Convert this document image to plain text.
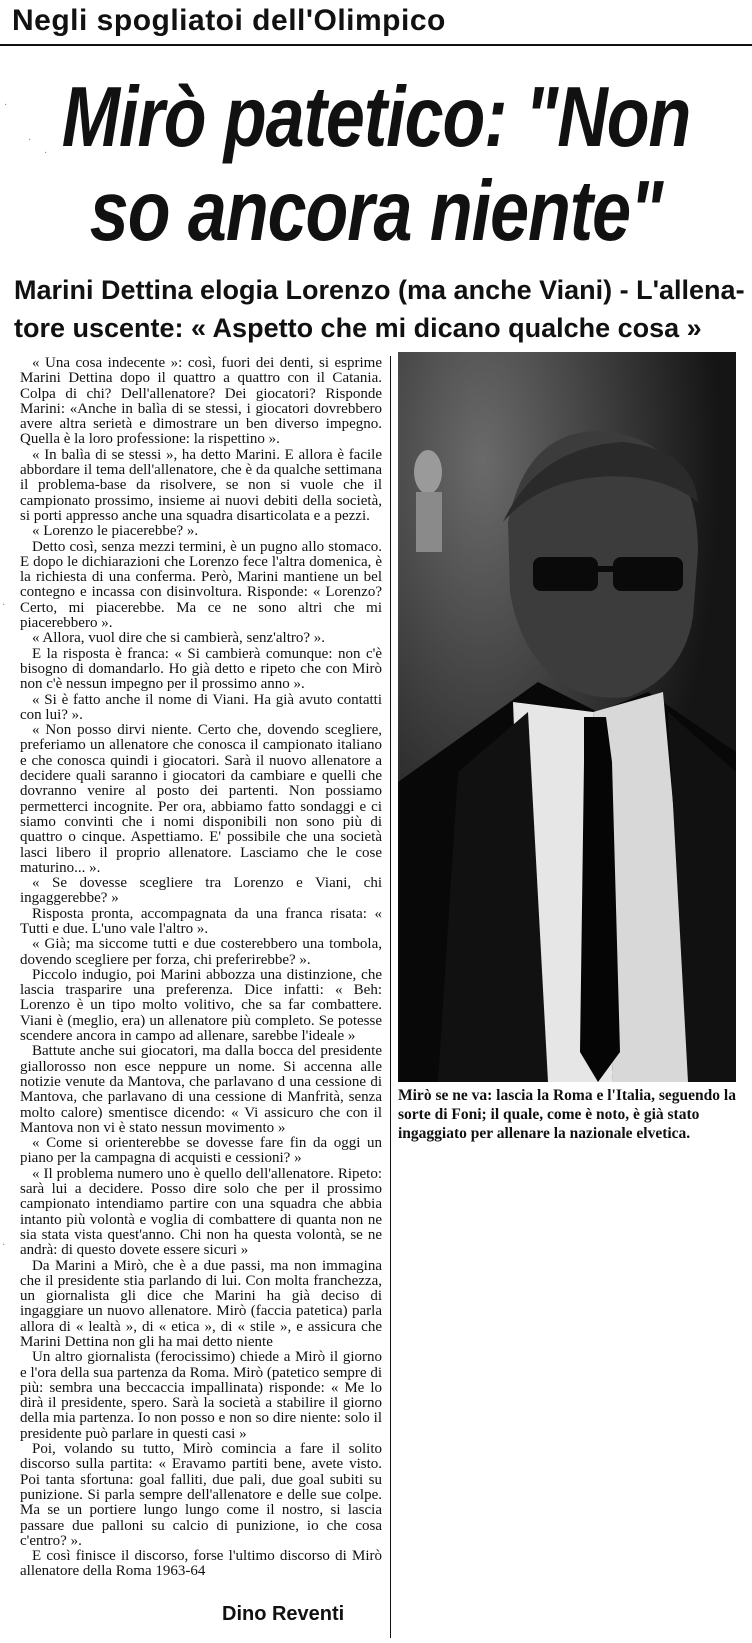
Negli spogliatoi dell'Olimpico
Mirò patetico: "Non
so ancora niente"
Marini Dettina elogia Lorenzo (ma anche Viani) - L'allena-
tore uscente: « Aspetto che mi dicano qualche cosa »

« Una cosa indecente »: così, fuori dei denti, si esprime Marini Dettina dopo il quattro a quattro con il Catania. Colpa di chi? Dell'allenatore? Dei giocatori? Risponde Marini: «Anche in balìa di se stessi, i giocatori dovrebbero avere altra serietà e dimostrare un ben diverso impegno. Quella è la loro professione: la rispettino ».

« In balìa di se stessi », ha detto Marini. E allora è facile abbordare il tema dell'allenatore, che è da qualche settimana il problema-base da risolvere, se non si vuole che il campionato prossimo, insieme ai nuovi debiti della società, si porti appresso anche una squadra disarticolata e a pezzi.

« Lorenzo le piacerebbe? ».

Detto così, senza mezzi termini, è un pugno allo stomaco. E dopo le dichiarazioni che Lorenzo fece l'altra domenica, è la richiesta di una conferma. Però, Marini mantiene un bel contegno e incassa con disinvoltura. Risponde: « Lorenzo? Certo, mi piacerebbe. Ma ce ne sono altri che mi piacerebbero ».

« Allora, vuol dire che si cambierà, senz'altro? ».

E la risposta è franca: « Si cambierà comunque: non c'è bisogno di domandarlo. Ho già detto e ripeto che con Mirò non c'è nessun impegno per il prossimo anno ».

« Si è fatto anche il nome di Viani. Ha già avuto contatti con lui? ».

« Non posso dirvi niente. Certo che, dovendo scegliere, preferiamo un allenatore che conosca il campionato italiano e che conosca quindi i giocatori. Sarà il nuovo allenatore a decidere quali saranno i giocatori da cambiare e quelli che dovranno venire al posto dei partenti. Non possiamo permetterci incognite. Per ora, abbiamo fatto sondaggi e ci siamo convinti che i nomi disponibili non sono più di quattro o cinque. Aspettiamo. E' possibile che una società lasci libero il proprio allenatore. Lasciamo che le cose maturino... ».

« Se dovesse scegliere tra Lorenzo e Viani, chi ingaggerebbe? »

Risposta pronta, accompagnata da una franca risata: « Tutti e due. L'uno vale l'altro ».

« Già; ma siccome tutti e due costerebbero una tombola, dovendo scegliere per forza, chi preferirebbe? ».

Piccolo indugio, poi Marini abbozza una distinzione, che lascia trasparire una preferenza. Dice infatti: « Beh: Lorenzo è un tipo molto volitivo, che sa far combattere. Viani è (meglio, era) un allenatore più completo. Se potesse scendere ancora in campo ad allenare, sarebbe l'ideale »

Battute anche sui giocatori, ma dalla bocca del presidente giallorosso non esce neppure un nome. Si accenna alle notizie venute da Mantova, che parlavano d una cessione di Mantova, che parlavano di una cessione di Manfrità, senza molto calore) smentisce dicendo: « Vi assicuro che con il Mantova non vi è stato nessun movimento »

« Come si orienterebbe se dovesse fare fin da oggi un piano per la campagna di acquisti e cessioni? »

« Il problema numero uno è quello dell'allenatore. Ripeto: sarà lui a decidere. Posso dire solo che per il prossimo campionato intendiamo partire con una squadra che abbia intanto più volontà e voglia di combattere di quanta non ne sia stata vista quest'anno. Chi non ha questa volontà, se ne andrà: di questo dovete essere sicuri »

Da Marini a Mirò, che è a due passi, ma non immagina che il presidente stia parlando di lui. Con molta franchezza, un giornalista gli dice che Marini ha già deciso di ingaggiare un nuovo allenatore. Mirò (faccia patetica) parla allora di « lealtà », di « etica », di « stile », e assicura che Marini Dettina non gli ha mai detto niente

Un altro giornalista (ferocissimo) chiede a Mirò il giorno e l'ora della sua partenza da Roma. Mirò (patetico sempre di più: sembra una beccaccia impallinata) risponde: « Me lo dirà il presidente, spero. Sarà la società a stabilire il giorno della mia partenza. Io non posso e non so dire niente: solo il presidente può parlare in questi casi »

Poi, volando su tutto, Mirò comincia a fare il solito discorso sulla partita: « Eravamo partiti bene, avete visto. Poi tanta sfortuna: goal falliti, due pali, due goal subiti su punizione. Si parla sempre dell'allenatore e delle sue colpe. Ma se un portiere lungo lungo come il nostro, si lascia passare due palloni su calcio di punizione, io che cosa c'entro? ».

E così finisce il discorso, forse l'ultimo discorso di Mirò allenatore della Roma 1963-64

Dino Reventi
Mirò se ne va: lascia la Roma e l'Italia, seguendo la sorte di Foni; il quale, come è noto, è già stato ingaggiato per allenare la nazionale elvetica.
·
·
·
·
·
